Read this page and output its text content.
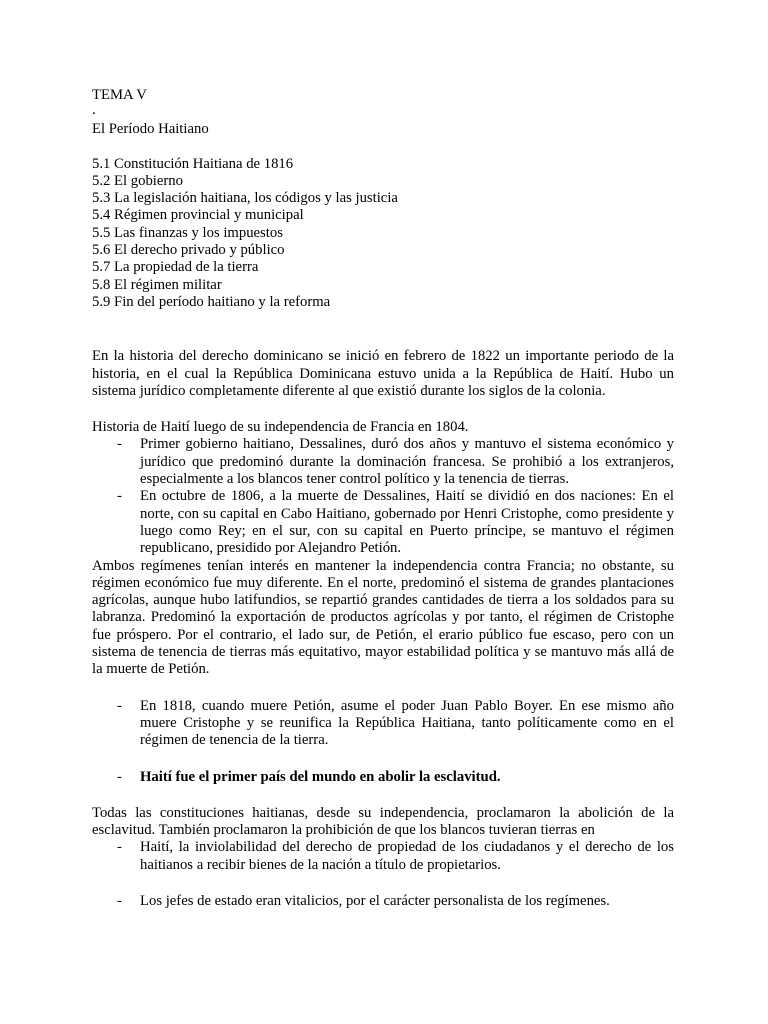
TEMA V

.

El Período Haitiano

5.1 Constitución Haitiana de 1816

5.2 El gobierno

5.3 La legislación haitiana, los códigos y las justicia

5.4 Régimen provincial y municipal

5.5 Las finanzas y los impuestos

5.6 El derecho privado y público

5.7 La propiedad de la tierra

5.8 El régimen militar

5.9 Fin del período haitiano y la reforma

En la historia del derecho dominicano se inició en febrero de 1822 un importante periodo de la historia, en el cual la República Dominicana estuvo unida a la República de Haití. Hubo un sistema jurídico completamente diferente al que existió durante los siglos de la colonia.

Historia de Haití luego de su independencia de Francia en 1804.

- Primer gobierno haitiano, Dessalines, duró dos años y mantuvo el sistema económico y jurídico que predominó durante la dominación francesa. Se prohibió a los extranjeros, especialmente a los blancos tener control político y la tenencia de tierras.
- En octubre de 1806, a la muerte de Dessalines, Haití se dividió en dos naciones: En el norte, con su capital en Cabo Haitiano, gobernado por Henri Cristophe, como presidente y luego como Rey; en el sur, con su capital en Puerto príncipe, se mantuvo el régimen republicano, presidido por Alejandro Petión.

Ambos regímenes tenían interés en mantener la independencia contra Francia; no obstante, su régimen económico fue muy diferente. En el norte, predominó el sistema de grandes plantaciones agrícolas, aunque hubo latifundios, se repartió grandes cantidades de tierra a los soldados para su labranza. Predominó la exportación de productos agrícolas y por tanto, el régimen de Cristophe fue próspero. Por el contrario, el lado sur, de Petión, el erario público fue escaso, pero con un sistema de tenencia de tierras más equitativo, mayor estabilidad política y se mantuvo más allá de la muerte de Petión.

- En 1818, cuando muere Petión, asume el poder Juan Pablo Boyer. En ese mismo año muere Cristophe y se reunifica la República Haitiana, tanto políticamente como en el régimen de tenencia de la tierra.
- Haití fue el primer país del mundo en abolir la esclavitud.

Todas las constituciones haitianas, desde su independencia, proclamaron la abolición de la esclavitud. También proclamaron la prohibición de que los blancos tuvieran tierras en

- Haití, la inviolabilidad del derecho de propiedad de los ciudadanos y el derecho de los haitianos a recibir bienes de la nación a título de propietarios.
- Los jefes de estado eran vitalicios, por el carácter personalista de los regímenes.
